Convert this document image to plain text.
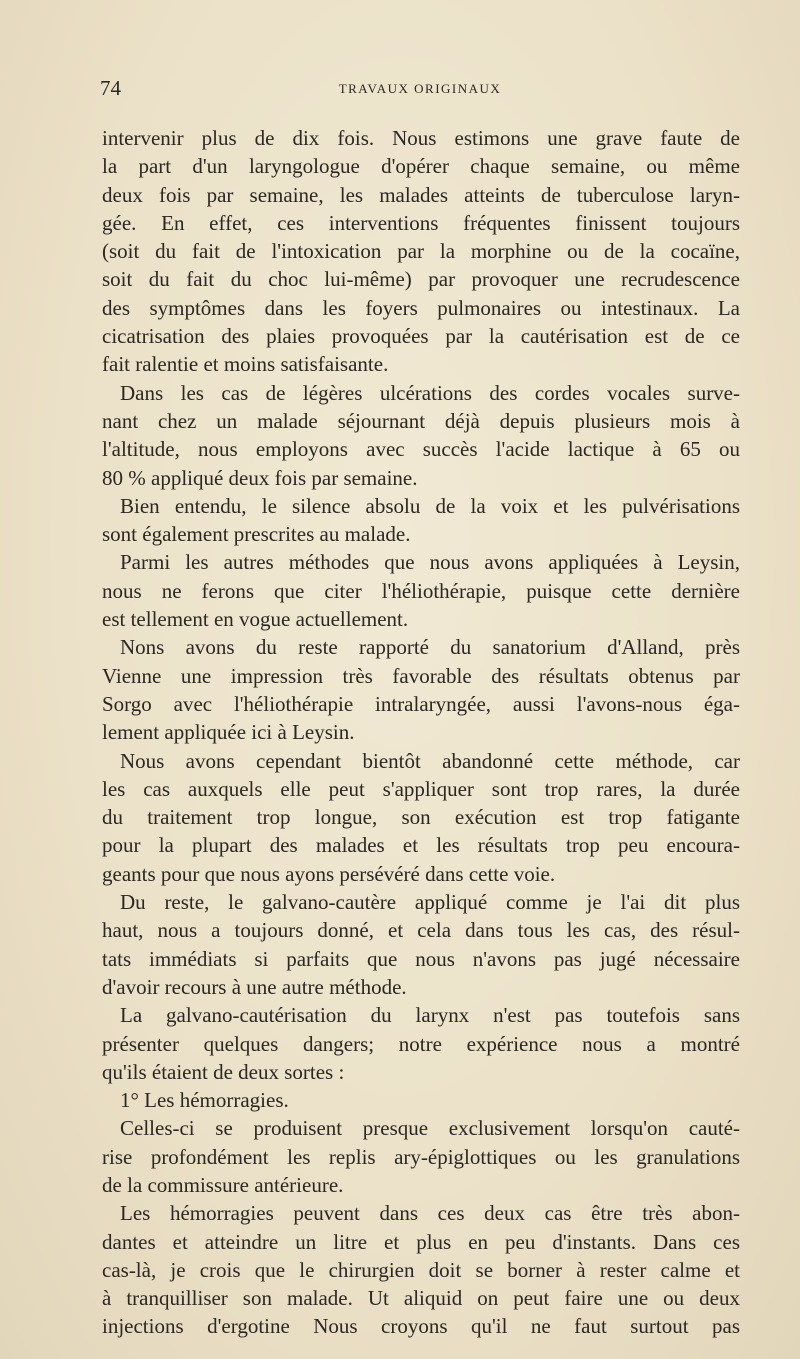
74	TRAVAUX ORIGINAUX
intervenir plus de dix fois. Nous estimons une grave faute de
la part d'un laryngologue d'opérer chaque semaine, ou même
deux fois par semaine, les malades atteints de tuberculose laryn-
gée. En effet, ces interventions fréquentes finissent toujours
(soit du fait de l'intoxication par la morphine ou de la cocaïne,
soit du fait du choc lui-même) par provoquer une recrudescence
des symptômes dans les foyers pulmonaires ou intestinaux. La
cicatrisation des plaies provoquées par la cautérisation est de ce
fait ralentie et moins satisfaisante.
Dans les cas de légères ulcérations des cordes vocales surve-
nant chez un malade séjournant déjà depuis plusieurs mois à
l'altitude, nous employons avec succès l'acide lactique à 65 ou
80 % appliqué deux fois par semaine.
Bien entendu, le silence absolu de la voix et les pulvérisations
sont également prescrites au malade.
Parmi les autres méthodes que nous avons appliquées à Leysin,
nous ne ferons que citer l'héliothérapie, puisque cette dernière
est tellement en vogue actuellement.
Nons avons du reste rapporté du sanatorium d'Alland, près
Vienne une impression très favorable des résultats obtenus par
Sorgo avec l'héliothérapie intralaryngée, aussi l'avons-nous éga-
lement appliquée ici à Leysin.
Nous avons cependant bientôt abandonné cette méthode, car
les cas auxquels elle peut s'appliquer sont trop rares, la durée
du traitement trop longue, son exécution est trop fatigante
pour la plupart des malades et les résultats trop peu encoura-
geants pour que nous ayons persévéré dans cette voie.
Du reste, le galvano-cautère appliqué comme je l'ai dit plus
haut, nous a toujours donné, et cela dans tous les cas, des résul-
tats immédiats si parfaits que nous n'avons pas jugé nécessaire
d'avoir recours à une autre méthode.
La galvano-cautérisation du larynx n'est pas toutefois sans
présenter quelques dangers; notre expérience nous a montré
qu'ils étaient de deux sortes :
1° Les hémorragies.
Celles-ci se produisent presque exclusivement lorsqu'on cauté-
rise profondément les replis ary-épiglottiques ou les granulations
de la commissure antérieure.
Les hémorragies peuvent dans ces deux cas être très abon-
dantes et atteindre un litre et plus en peu d'instants. Dans ces
cas-là, je crois que le chirurgien doit se borner à rester calme et
à tranquilliser son malade. Ut aliquid on peut faire une ou deux
injections d'ergotine Nous croyons qu'il ne faut surtout pas
